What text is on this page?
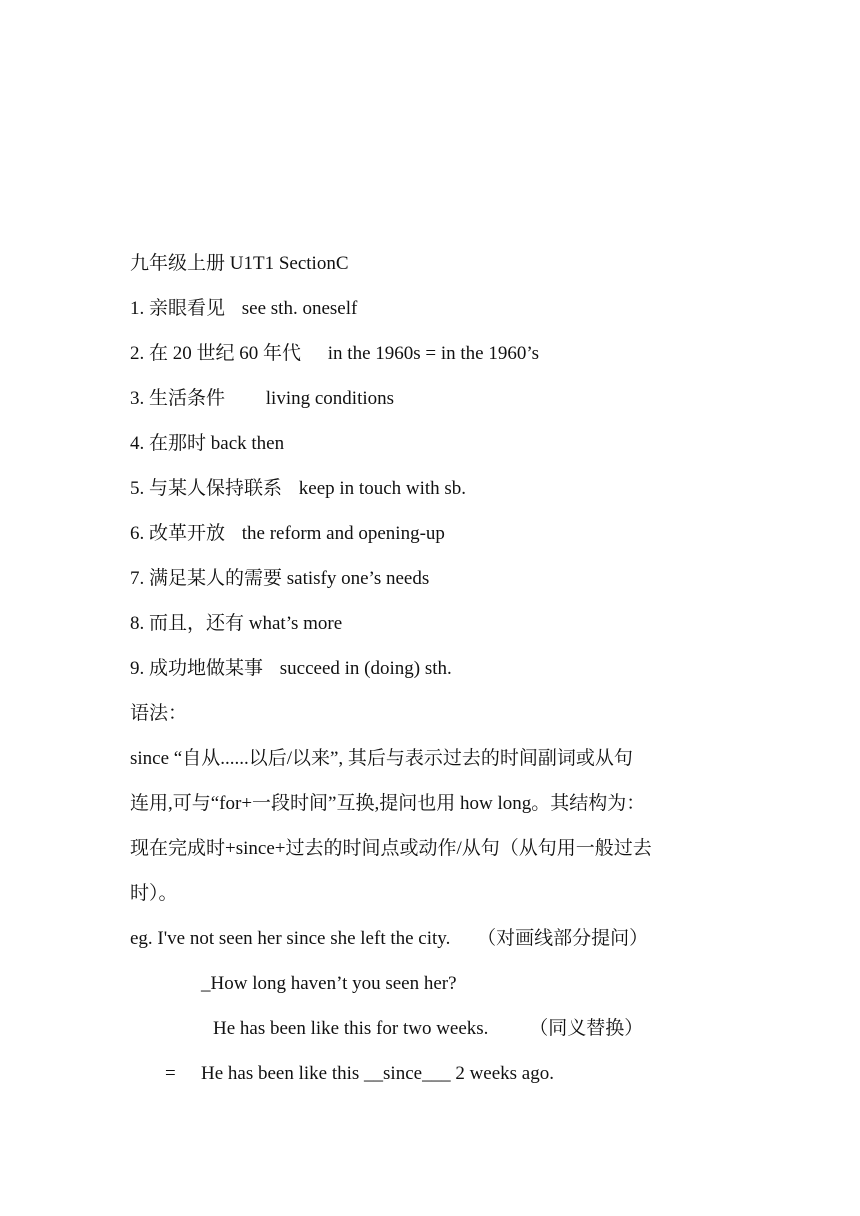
九年级上册 U1T1 SectionC
1. 亲眼看见 see sth. oneself
2. 在 20 世纪 60 年代 in the 1960s = in the 1960’s
3. 生活条件 living conditions
4. 在那时 back then
5. 与某人保持联系 keep in touch with sb.
6. 改革开放 the reform and opening-up
7. 满足某人的需要 satisfy one’s needs
8. 而且，还有 what’s more
9. 成功地做某事 succeed in (doing) sth.
语法：
since “自从......以后/以来”, 其后与表示过去的时间副词或从句
连用,可与“for+一段时间”互换,提问也用 how long。其结构为：
现在完成时+since+过去的时间点或动作/从句（从句用一般过去
时）。
eg. I've not seen her since she left the city. （对画线部分提问）
_How long haven’t you seen her?
He has been like this for two weeks. （同义替换）
= He has been like this __since___ 2 weeks ago.
